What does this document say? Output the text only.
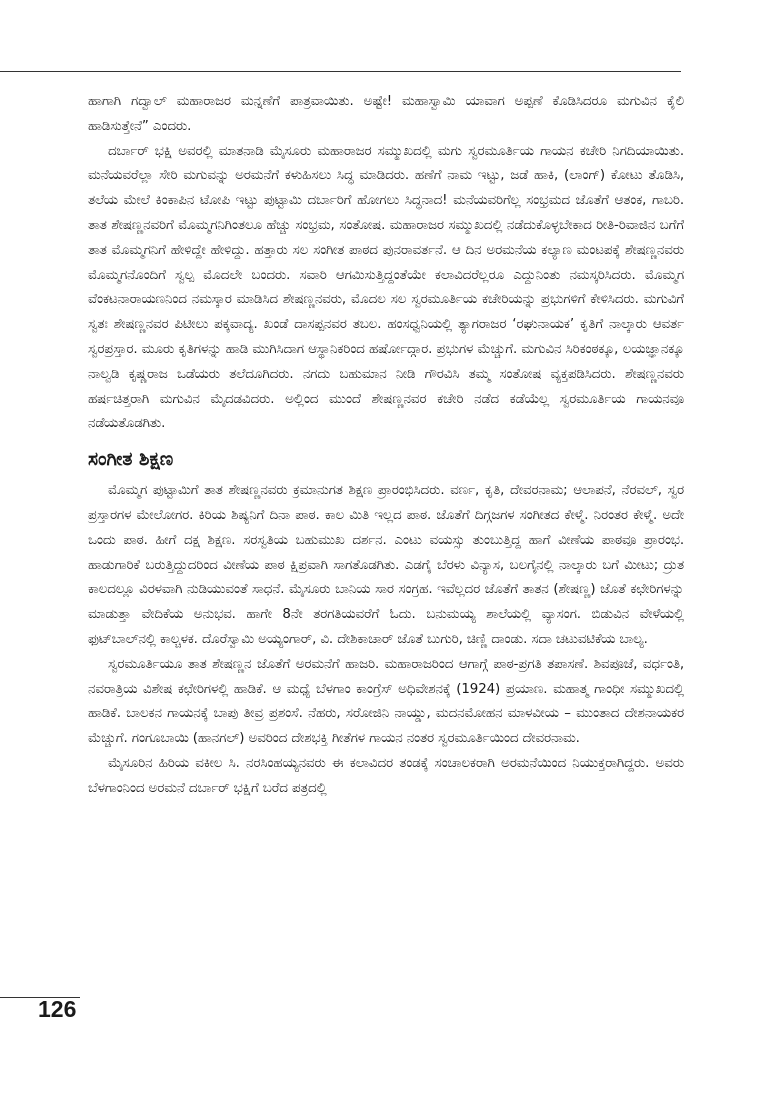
ಹಾಗಾಗಿ ಗದ್ವಾಲ್ ಮಹಾರಾಜರ ಮನ್ನಣೆಗೆ ಪಾತ್ರವಾಯಿತು. ಅಷ್ಟೇ! ಮಹಾಸ್ವಾಮಿ ಯಾವಾಗ ಅಪ್ಪಣೆ ಕೊಡಿಸಿದರೂ ಮಗುವಿನ ಕೈಲಿ ಹಾಡಿಸುತ್ತೇನೆ” ಎಂದರು.

ದರ್ಬಾರ್ ಭಕ್ಷಿ ಅವರಲ್ಲಿ ಮಾತನಾಡಿ ಮೈಸೂರು ಮಹಾರಾಜರ ಸಮ್ಮುಖದಲ್ಲಿ ಮಗು ಸ್ವರಮೂರ್ತಿಯ ಗಾಯನ ಕಚೇರಿ ನಿಗದಿಯಾಯಿತು. ಮನೆಯವರೆಲ್ಲಾ ಸೇರಿ ಮಗುವನ್ನು ಅರಮನೆಗೆ ಕಳುಹಿಸಲು ಸಿದ್ಧ ಮಾಡಿದರು. ಹಣೆಗೆ ನಾಮ ಇಟ್ಟು, ಜಡೆ ಹಾಕಿ, (ಲಾಂಗ್) ಕೋಟು ತೊಡಿಸಿ, ತಲೆಯ ಮೇಲೆ ಕಿಂಕಾಪಿನ ಟೋಪಿ ಇಟ್ಟು ಪುಟ್ಟಾಮಿ ದರ್ಬಾರಿಗೆ ಹೋಗಲು ಸಿದ್ಧನಾದ! ಮನೆಯವರಿಗೆಲ್ಲ ಸಂಭ್ರಮದ ಜೊತೆಗೆ ಆತಂಕ, ಗಾಬರಿ. ತಾತ ಶೇಷಣ್ಣನವರಿಗೆ ಮೊಮ್ಮಗನಿಗಿಂತಲೂ ಹೆಚ್ಚು ಸಂಭ್ರಮ, ಸಂತೋಷ. ಮಹಾರಾಜರ ಸಮ್ಮುಖದಲ್ಲಿ ನಡೆದುಕೊಳ್ಳಬೇಕಾದ ರೀತಿ-ರಿವಾಜಿನ ಬಗೆಗೆ ತಾತ ಮೊಮ್ಮಗನಿಗೆ ಹೇಳಿದ್ದೇ ಹೇಳಿದ್ದು. ಹತ್ತಾರು ಸಲ ಸಂಗೀತ ಪಾಠದ ಪುನರಾವರ್ತನೆ. ಆ ದಿನ ಅರಮನೆಯ ಕಲ್ಯಾಣ ಮಂಟಪಕ್ಕೆ ಶೇಷಣ್ಣನವರು ಮೊಮ್ಮಗನೊಂದಿಗೆ ಸ್ವಲ್ಪ ಮೊದಲೇ ಬಂದರು. ಸವಾರಿ ಆಗಮಿಸುತ್ತಿದ್ದಂತೆಯೇ ಕಲಾವಿದರೆಲ್ಲರೂ ಎದ್ದುನಿಂತು ನಮಸ್ಕರಿಸಿದರು. ಮೊಮ್ಮಗ ವೆಂಕಟನಾರಾಯಣನಿಂದ ನಮಸ್ಕಾರ ಮಾಡಿಸಿದ ಶೇಷಣ್ಣನವರು, ಮೊದಲ ಸಲ ಸ್ವರಮೂರ್ತಿಯ ಕಚೇರಿಯನ್ನು ಪ್ರಭುಗಳಿಗೆ ಕೇಳಿಸಿದರು. ಮಗುವಿಗೆ ಸ್ವತಃ ಶೇಷಣ್ಣನವರ ಪಿಟೀಲು ಪಕ್ಕವಾದ್ಯ. ಖಂಡೆ ದಾಸಪ್ಪನವರ ತಬಲ. ಹಂಸಧ್ವನಿಯಲ್ಲಿ ತ್ಯಾಗರಾಜರ ‘ರಘುನಾಯಕ’ ಕೃತಿಗೆ ನಾಲ್ಕಾರು ಆವರ್ತ ಸ್ವರಪ್ರಸ್ತಾರ. ಮೂರು ಕೃತಿಗಳನ್ನು ಹಾಡಿ ಮುಗಿಸಿದಾಗ ಆಸ್ಥಾನಿಕರಿಂದ ಹರ್ಷೋದ್ಗಾರ. ಪ್ರಭುಗಳ ಮೆಚ್ಚುಗೆ. ಮಗುವಿನ ಸಿರಿಕಂಠಕ್ಕೂ, ಲಯಜ್ಞಾನಕ್ಕೂ ನಾಲ್ವಡಿ ಕೃಷ್ಣರಾಜ ಒಡೆಯರು ತಲೆದೂಗಿದರು. ನಗದು ಬಹುಮಾನ ನೀಡಿ ಗೌರವಿಸಿ ತಮ್ಮ ಸಂತೋಷ ವ್ಯಕ್ತಪಡಿಸಿದರು. ಶೇಷಣ್ಣನವರು ಹರ್ಷಚಿತ್ತರಾಗಿ ಮಗುವಿನ ಮೈದಡವಿದರು. ಅಲ್ಲಿಂದ ಮುಂದೆ ಶೇಷಣ್ಣನವರ ಕಚೇರಿ ನಡೆದ ಕಡೆಯೆಲ್ಲ ಸ್ವರಮೂರ್ತಿಯ ಗಾಯನವೂ ನಡೆಯತೊಡಗಿತು.

ಸಂಗೀತ ಶಿಕ್ಷಣ

ಮೊಮ್ಮಗ ಪುಟ್ಟಾಮಿಗೆ ತಾತ ಶೇಷಣ್ಣನವರು ಕ್ರಮಾನುಗತ ಶಿಕ್ಷಣ ಪ್ರಾರಂಭಿಸಿದರು. ವರ್ಣ, ಕೃತಿ, ದೇವರನಾಮ; ಆಲಾಪನೆ, ನೆರವಲ್, ಸ್ವರ ಪ್ರಸ್ತಾರಗಳ ಮೇಲೋಗರ. ಕಿರಿಯ ಶಿಷ್ಯನಿಗೆ ದಿನಾ ಪಾಠ. ಕಾಲ ಮಿತಿ ಇಲ್ಲದ ಪಾಠ. ಜೊತೆಗೆ ದಿಗ್ಗಜಗಳ ಸಂಗೀತದ ಕೇಳ್ಮೆ. ನಿರಂತರ ಕೇಳ್ಮೆ. ಅದೇ ಒಂದು ಪಾಠ. ಹೀಗೆ ದಕ್ಷ ಶಿಕ್ಷಣ. ಸರಸ್ವತಿಯ ಬಹುಮುಖ ದರ್ಶನ. ಎಂಟು ವಯಸ್ಸು ತುಂಬುತ್ತಿದ್ದ ಹಾಗೆ ವೀಣೆಯ ಪಾಠವೂ ಪ್ರಾರಂಭ. ಹಾಡುಗಾರಿಕೆ ಬರುತ್ತಿದ್ದುದರಿಂದ ವೀಣೆಯ ಪಾಠ ಕ್ಷಿಪ್ರವಾಗಿ ಸಾಗತೊಡಗಿತು. ಎಡಗೈ ಬೆರಳು ವಿನ್ಯಾಸ, ಬಲಗೈನಲ್ಲಿ ನಾಲ್ಕಾರು ಬಗೆ ಮೀಟು; ದ್ರುತ ಕಾಲದಲ್ಲೂ ವಿರಳವಾಗಿ ನುಡಿಯುವಂತೆ ಸಾಧನೆ. ಮೈಸೂರು ಬಾನಿಯ ಸಾರ ಸಂಗ್ರಹ. ಇವೆಲ್ಲದರ ಜೊತೆಗೆ ತಾತನ (ಶೇಷಣ್ಣ) ಜೊತೆ ಕಛೇರಿಗಳನ್ನು ಮಾಡುತ್ತಾ ವೇದಿಕೆಯ ಅನುಭವ. ಹಾಗೇ 8ನೇ ತರಗತಿಯವರೆಗೆ ಓದು. ಬನುಮಯ್ಯ ಶಾಲೆಯಲ್ಲಿ ವ್ಯಾಸಂಗ. ಬಿಡುವಿನ ವೇಳೆಯಲ್ಲಿ ಫುಟ್‌ಬಾಲ್‌ನಲ್ಲಿ ಕಾಲ್ಚಳಕ. ದೊರೆಸ್ವಾಮಿ ಅಯ್ಯಂಗಾರ್, ವಿ. ದೇಶಿಕಾಚಾರ್ ಜೊತೆ ಬುಗುರಿ, ಚಿಣ್ಣಿ ದಾಂಡು. ಸದಾ ಚಟುವಟಿಕೆಯ ಬಾಲ್ಯ.

ಸ್ವರಮೂರ್ತಿಯೂ ತಾತ ಶೇಷಣ್ಣನ ಜೊತೆಗೆ ಅರಮನೆಗೆ ಹಾಜರಿ. ಮಹಾರಾಜರಿಂದ ಆಗಾಗ್ಗೆ ಪಾಠ-ಪ್ರಗತಿ ತಪಾಸಣೆ. ಶಿವಪೂಜೆ, ವರ್ಧಂತಿ, ನವರಾತ್ರಿಯ ವಿಶೇಷ ಕಛೇರಿಗಳಲ್ಲಿ ಹಾಡಿಕೆ. ಆ ಮಧ್ಯೆ ಬೆಳಗಾಂ ಕಾಂಗ್ರೆಸ್ ಅಧಿವೇಶನಕ್ಕೆ (1924) ಪ್ರಯಾಣ. ಮಹಾತ್ಮ ಗಾಂಧೀ ಸಮ್ಮುಖದಲ್ಲಿ ಹಾಡಿಕೆ. ಬಾಲಕನ ಗಾಯನಕ್ಕೆ ಬಾಪು ತೀವ್ರ ಪ್ರಶಂಸೆ. ನೆಹರು, ಸರೋಜಿನಿ ನಾಯ್ಡು, ಮದನಮೋಹನ ಮಾಳವೀಯ – ಮುಂತಾದ ದೇಶನಾಯಕರ ಮೆಚ್ಚುಗೆ. ಗಂಗೂಬಾಯಿ (ಹಾನಗಲ್) ಅವರಿಂದ ದೇಶಭಕ್ತಿ ಗೀತೆಗಳ ಗಾಯನ ನಂತರ ಸ್ವರಮೂರ್ತಿಯಿಂದ ದೇವರನಾಮ.

ಮೈಸೂರಿನ ಹಿರಿಯ ವಕೀಲ ಸಿ. ನರಸಿಂಹಯ್ಯನವರು ಈ ಕಲಾವಿದರ ತಂಡಕ್ಕೆ ಸಂಚಾಲಕರಾಗಿ ಅರಮನೆಯಿಂದ ನಿಯುಕ್ತರಾಗಿದ್ದರು. ಅವರು ಬೆಳಗಾಂನಿಂದ ಅರಮನೆ ದರ್ಬಾರ್ ಭಕ್ಷಿಗೆ ಬರೆದ ಪತ್ರದಲ್ಲಿ

126
